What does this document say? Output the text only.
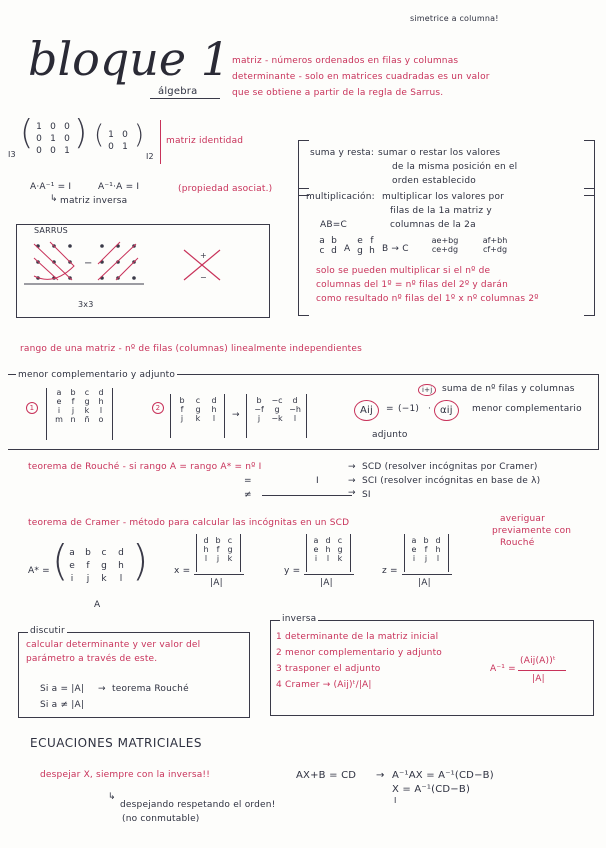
simetrice a columna!
bloque 1
álgebra
matriz - números ordenados en filas y columnas
determinante - solo en matrices cuadradas es un valor
que se obtiene a partir de la regla de Sarrus.
( 1 0 0
0 1 0
0 0 1 )
I3
( 1 0
0 1 )
I2
matriz identidad
A·A⁻¹ = I	A⁻¹·A = I
matriz inversa
↳
(propiedad asociat.)
suma y resta: sumar o restar los valores
de la misma posición en el
orden establecido
SARRUS
−
+
−
3x3
multiplicación: multiplicar los valores por
filas de la 1a matriz y
columnas de la 2a
AB=C
a b
c d A
e f
g h B → C
ae+bg	af+bh
ce+dg	cf+dg
solo se pueden multiplicar si el nº de
columnas del 1º = nº filas del 2º y darán
como resultado nº filas del 1º x nº columnas 2º
rango de una matriz - nº de filas (columnas) linealmente independientes
menor complementario y adjunto
1
a	b	c	d
e	f	g	h
i	j	k	l
m n	ñ	o
2
b	c	d
f	g	h
j	k	l	→
b	−c	d
−f	g	−h
j	−k	l
Aij	= (−1)
i+j
· αij
suma de nº filas y columnas
menor complementario
adjunto
teorema de Rouché - si rango A = rango A* = nº I	→ SCD (resolver incógnitas por Cramer)
=	I	→ SCI (resolver incógnitas en base de λ)
≠	→ SI
teorema de Cramer - método para calcular las incógnitas en un SCD	averiguar
previamente con
Rouché
A* = ( a	b	c	d
e	f	g	h
i	j	k	l )
A
x =
d b c
h	f	g
l	j	k
|A|
y =
a d c
e h g
i	l	k
|A|
z =
a b d
e	f	h
i	j	l
|A|
discutir
calcular determinante y ver valor del
parámetro a través de este.
Si a = |A| → teorema Rouché
Si a ≠ |A|
inversa
1 determinante de la matriz inicial
2 menor complementario y adjunto
3 trasponer el adjunto
4 Cramer → (Aij)ᵗ/|A|
A⁻¹ =
(Aij(A))ᵗ
|A|
ECUACIONES MATRICIALES
despejar X, siempre con la inversa!!
↳
despejando respetando el orden!
(no conmutable)
AX+B = CD → A⁻¹AX = A⁻¹(CD−B)
X = A⁻¹(CD−B)
I
